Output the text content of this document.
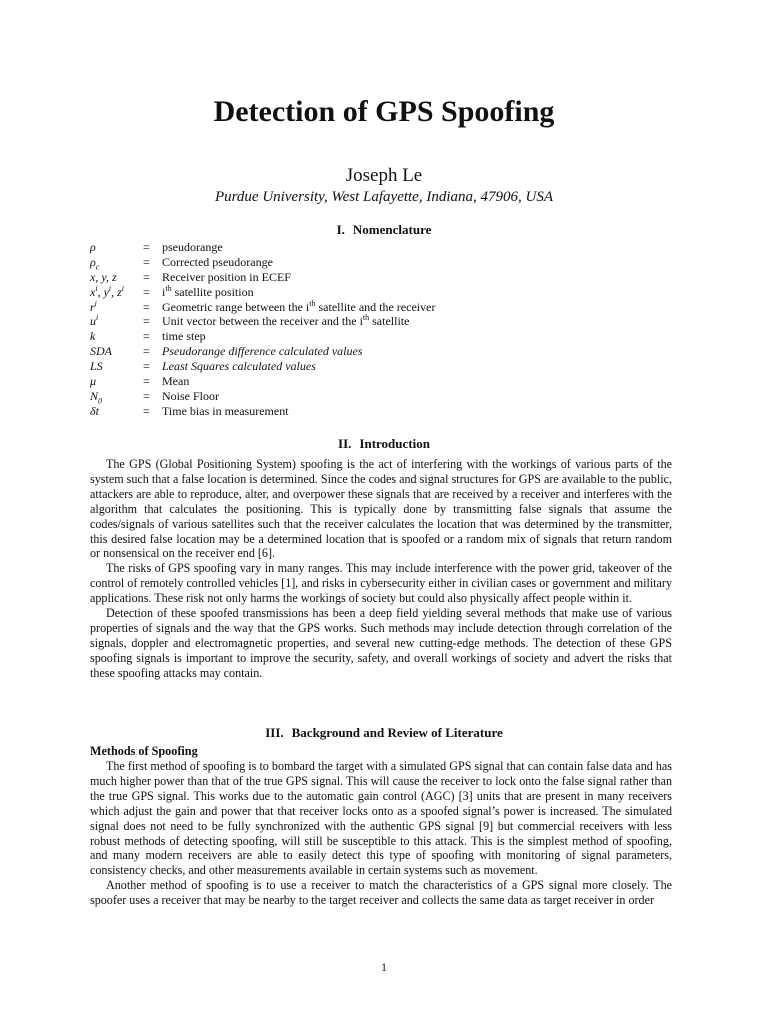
Detection of GPS Spoofing
Joseph Le
Purdue University, West Lafayette, Indiana, 47906, USA
I. Nomenclature
ρ	= pseudorange
$\rho_c$	= Corrected pseudorange
x, y, z = Receiver position in ECEF
$x^i$, $y^i$, $z^i = i^{th}$ satellite position
$r^i$	= Geometric range between the $i^{th}$ satellite and the receiver
$u^i$	= Unit vector between the receiver and the $i^{th}$ satellite
k	= time step
SDA	= Pseudorange difference calculated values
LS	= Least Squares calculated values
μ	= Mean
$N_0$	= Noise Floor
δt	= Time bias in measurement
II. Introduction

The GPS (Global Positioning System) spoofing is the act of interfering with the workings of various parts of the system such that a false location is determined. Since the codes and signal structures for GPS are available to the public, attackers are able to reproduce, alter, and overpower these signals that are received by a receiver and interferes with the algorithm that calculates the positioning. This is typically done by transmitting false signals that assume the codes/signals of various satellites such that the receiver calculates the location that was determined by the transmitter, this desired false location may be a determined location that is spoofed or a random mix of signals that return random or nonsensical on the receiver end [6].

The risks of GPS spoofing vary in many ranges. This may include interference with the power grid, takeover of the control of remotely controlled vehicles [1], and risks in cybersecurity either in civilian cases or government and military applications. These risk not only harms the workings of society but could also physically affect people within it.

Detection of these spoofed transmissions has been a deep field yielding several methods that make use of various properties of signals and the way that the GPS works. Such methods may include detection through correlation of the signals, doppler and electromagnetic properties, and several new cutting-edge methods. The detection of these GPS spoofing signals is important to improve the security, safety, and overall workings of society and advert the risks that these spoofing attacks may contain.

III. Background and Review of Literature
Methods of Spoofing

The first method of spoofing is to bombard the target with a simulated GPS signal that can contain false data and has much higher power than that of the true GPS signal. This will cause the receiver to lock onto the false signal rather than the true GPS signal. This works due to the automatic gain control (AGC) [3] units that are present in many receivers which adjust the gain and power that that receiver locks onto as a spoofed signal’s power is increased. The simulated signal does not need to be fully synchronized with the authentic GPS signal [9] but commercial receivers with less robust methods of detecting spoofing, will still be susceptible to this attack. This is the simplest method of spoofing, and many modern receivers are able to easily detect this type of spoofing with monitoring of signal parameters, consistency checks, and other measurements available in certain systems such as movement.

Another method of spoofing is to use a receiver to match the characteristics of a GPS signal more closely. The spoofer uses a receiver that may be nearby to the target receiver and collects the same data as target receiver in order

1
